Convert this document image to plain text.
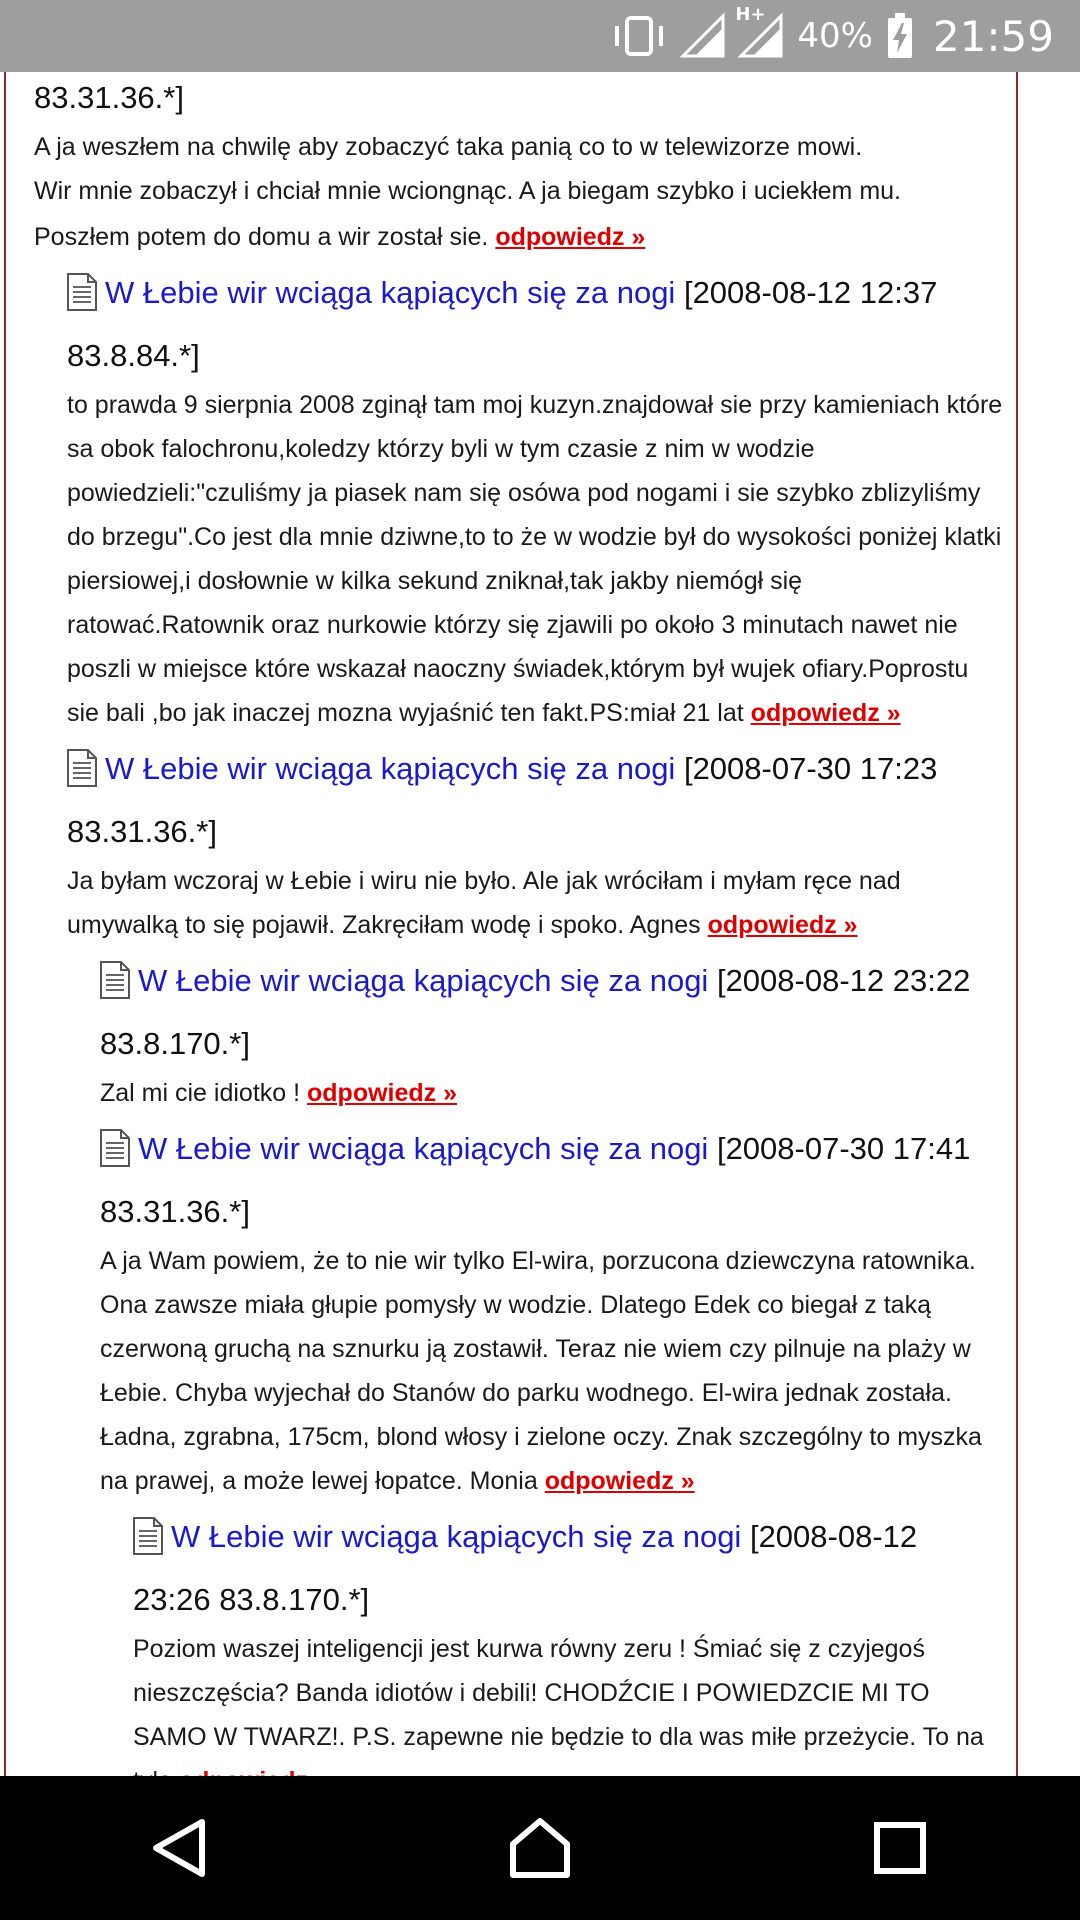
H+
40% 21:59
83.31.36.*]
A ja weszłem na chwilę aby zobaczyć taka panią co to w telewizorze mowi.
Wir mnie zobaczył i chciał mnie wciongnąc. A ja biegam szybko i uciekłem mu.
Poszłem potem do domu a wir został sie. odpowiedz »
W Łebie wir wciąga kąpiących się za nogi [2008-08-12 12:37
83.8.84.*]
to prawda 9 sierpnia 2008 zginął tam moj kuzyn.znajdował sie przy kamieniach które sa obok falochronu,koledzy którzy byli w tym czasie z nim w wodzie powiedzieli:"czuliśmy ja piasek nam się osówa pod nogami i sie szybko zblizyliśmy do brzegu".Co jest dla mnie dziwne,to to że w wodzie był do wysokości poniżej klatki piersiowej,i dosłownie w kilka sekund zniknał,tak jakby niemógł się ratować.Ratownik oraz nurkowie którzy się zjawili po około 3 minutach nawet nie poszli w miejsce które wskazał naoczny świadek,którym był wujek ofiary.Poprostu sie bali ,bo jak inaczej mozna wyjaśnić ten fakt.PS:miał 21 lat odpowiedz »
W Łebie wir wciąga kąpiących się za nogi [2008-07-30 17:23
83.31.36.*]
Ja byłam wczoraj w Łebie i wiru nie było. Ale jak wróciłam i myłam ręce nad umywalką to się pojawił. Zakręciłam wodę i spoko. Agnes odpowiedz »
W Łebie wir wciąga kąpiących się za nogi [2008-08-12 23:22
83.8.170.*]
Zal mi cie idiotko ! odpowiedz »
W Łebie wir wciąga kąpiących się za nogi [2008-07-30 17:41
83.31.36.*]
A ja Wam powiem, że to nie wir tylko El-wira, porzucona dziewczyna ratownika. Ona zawsze miała głupie pomysły w wodzie. Dlatego Edek co biegał z taką czerwoną gruchą na sznurku ją zostawił. Teraz nie wiem czy pilnuje na plaży w Łebie. Chyba wyjechał do Stanów do parku wodnego. El-wira jednak została. Ładna, zgrabna, 175cm, blond włosy i zielone oczy. Znak szczególny to myszka na prawej, a może lewej łopatce. Monia odpowiedz »
W Łebie wir wciąga kąpiących się za nogi [2008-08-12
23:26 83.8.170.*]
Poziom waszej inteligencji jest kurwa równy zeru ! Śmiać się z czyjegoś nieszczęścia? Banda idiotów i debili! CHODŹCIE I POWIEDZCIE MI TO SAMO W TWARZ!. P.S. zapewne nie będzie to dla was miłe przeżycie. To na
